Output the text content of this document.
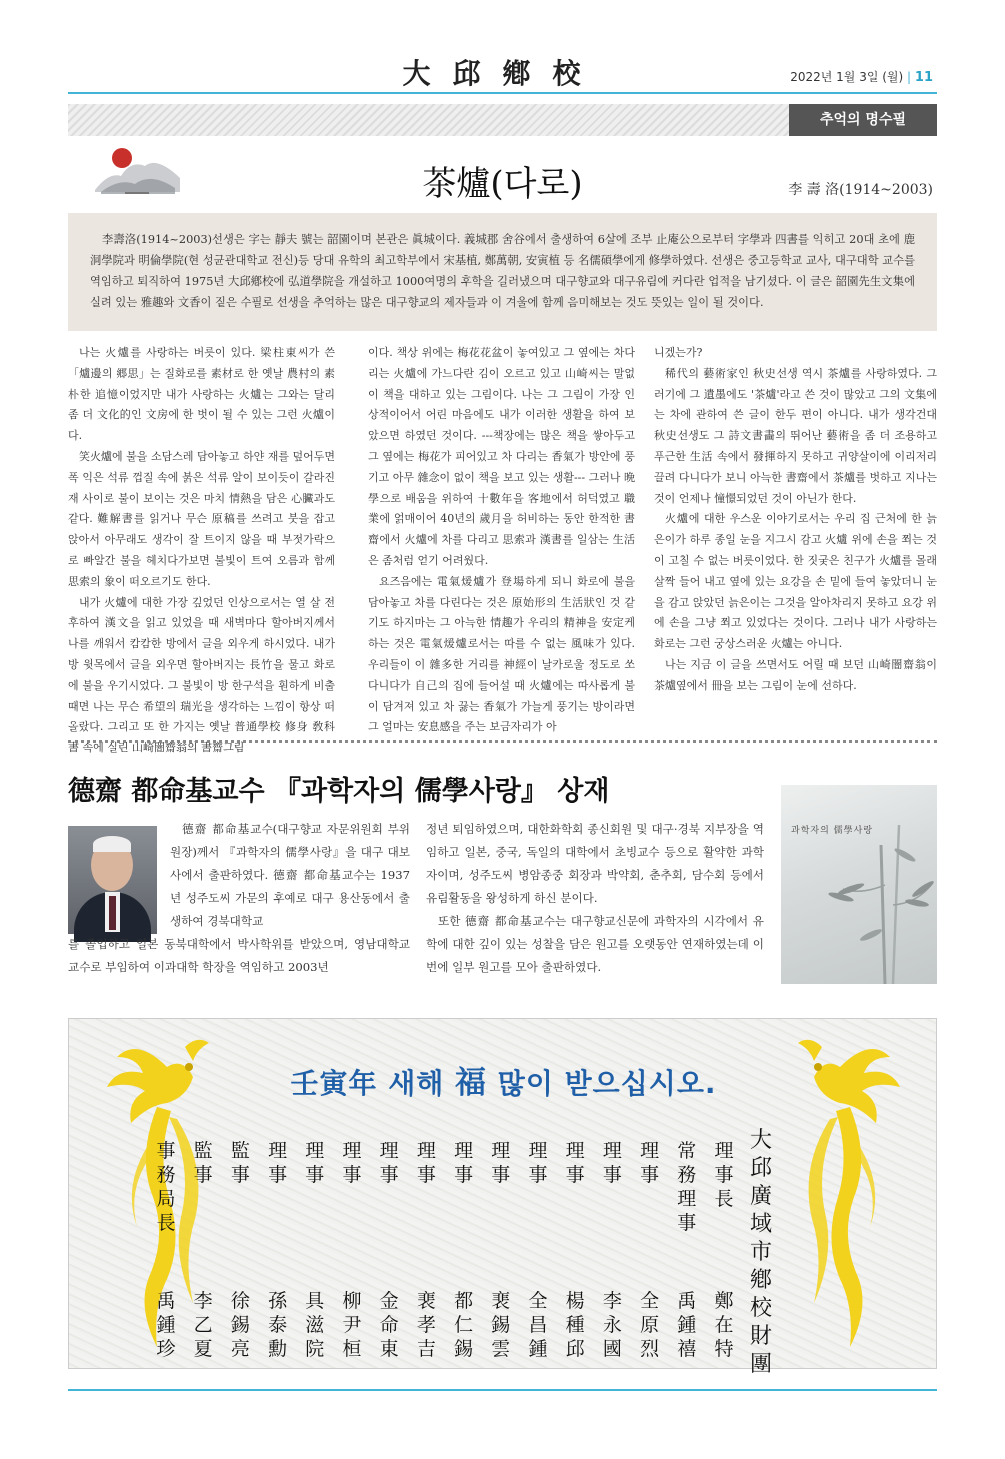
大邱鄕校	2022년 1월 3일 (월) | 11
추억의 명수필
茶爐(다로)	李 壽 洛(1914~2003)

李壽洛(1914~2003)선생은 字는 靜夫 號는 韶園이며 본관은 眞城이다. 義城郡 舍谷에서 출생하여 6살에 조부 止庵公으로부터 字學과 四書를 익히고 20대 초에 鹿洞學院과 明倫學院(현 성균관대학교 전신)등 당대 유학의 최고학부에서 宋基植, 鄭萬朝, 安寅植 등 名儒碩學에게 修學하였다. 선생은 중고등학교 교사, 대구대학 교수를 역임하고 퇴직하여 1975년 大邱鄕校에 弘道學院을 개설하고 1000여명의 후학을 길러냈으며 대구향교와 대구유림에 커다란 업적을 남기셨다. 이 글은 韶園先生文集에 실려 있는 雅趣와 文香이 짙은 수필로 선생을 추억하는 많은 대구향교의 제자들과 이 겨울에 함께 음미해보는 것도 뜻있는 일이 될 것이다.

나는 火爐를 사랑하는 버릇이 있다. 梁柱東씨가 쓴 「爐邊의 郷思」는 질화로를 素材로 한 옛날 農村의 素朴한 追憶이었지만 내가 사랑하는 火爐는 그와는 달리 좀 더 文化的인 文房에 한 벗이 될 수 있는 그런 火爐이다.

笑火爐에 불을 소담스레 담아놓고 하얀 재를 덮어두면 폭 익은 석류 껍질 속에 붉은 석류 알이 보이듯이 갈라진 재 사이로 불이 보이는 것은 마치 情熱을 담은 心臟과도 같다. 難解書를 읽거나 무슨 原稿를 쓰려고 붓을 잡고 앉아서 아무래도 생각이 잘 트이지 않을 때 부젓가락으로 빠알간 불을 헤치다가보면 불빛이 트여 오름과 함께 思索의 象이 떠오르기도 한다.

내가 火爐에 대한 가장 깊었던 인상으로서는 열 살 전후하여 漢文을 읽고 있었을 때 새벽마다 할아버지께서 나를 깨워서 캄캄한 방에서 글을 외우게 하시었다. 내가 방 윗목에서 글을 외우면 할아버지는 長竹을 물고 화로에 불을 우기시었다. 그 불빛이 방 한구석을 훤하게 비출 때면 나는 무슨 希望의 瑞光을 생각하는 느낌이 항상 떠올랐다. 그리고 또 한 가지는 옛날 普通學校 修身 敎科書 속에 실린 山崎闇齋翁의 書齋그림

이다. 책상 위에는 梅花花盆이 놓여있고 그 옆에는 차다리는 火爐에 가느다란 김이 오르고 있고 山崎씨는 말없이 책을 대하고 있는 그림이다. 나는 그 그림이 가장 인상적이어서 어린 마음에도 내가 이러한 생활을 하여 보았으면 하였던 것이다. ---책장에는 많은 책을 쌓아두고 그 옆에는 梅花가 피어있고 차 다리는 香氣가 방안에 풍기고 아무 雜念이 없이 책을 보고 있는 생활--- 그러나 晩學으로 배움을 위하여 十數年을 客地에서 허덕였고 職業에 얽매이어 40년의 歲月을 허비하는 동안 한적한 書齋에서 火爐에 차를 다리고 思索과 漢書를 일삼는 生活은 좀처럼 얻기 어려웠다.

요즈음에는 電氣煖爐가 登場하게 되니 화로에 불을 담아놓고 차를 다린다는 것은 原始形의 生活狀인 것 같기도 하지마는 그 아늑한 情趣가 우리의 精神을 安定케하는 것은 電氣煖爐로서는 따를 수 없는 風味가 있다. 우리들이 이 雜多한 거리를 神經이 날카로울 정도로 쏘다니다가 自己의 집에 들어설 때 火爐에는 따사롭게 불이 담겨져 있고 차 끓는 香氣가 가늘게 풍기는 방이라면 그 얼마는 安息感을 주는 보금자리가 아

니겠는가?

稀代의 藝術家인 秋史선생 역시 茶爐를 사랑하였다. 그러기에 그 遺墨에도 '茶爐'라고 쓴 것이 많았고 그의 文集에는 차에 관하여 쓴 글이 한두 편이 아니다. 내가 생각건대 秋史선생도 그 詩文書畵의 뛰어난 藝術을 좀 더 조용하고 푸근한 生活 속에서 發揮하지 못하고 귀양살이에 이리저리 끌려 다니다가 보니 아늑한 書齋에서 茶爐를 벗하고 지나는 것이 언제나 憧憬되었던 것이 아닌가 한다.

火爐에 대한 우스운 이야기로서는 우리 집 근처에 한 늙은이가 하루 종일 눈을 지그시 감고 火爐 위에 손을 쬐는 것이 고칠 수 없는 버릇이었다. 한 짓궂은 친구가 火爐를 몰래 살짝 들어 내고 옆에 있는 요강을 손 밑에 들여 놓았더니 눈을 감고 앉았던 늙은이는 그것을 알아차리지 못하고 요강 위에 손을 그냥 쬐고 있었다는 것이다. 그러나 내가 사랑하는 화로는 그런 궁상스러운 火爐는 아니다.

나는 지금 이 글을 쓰면서도 어릴 때 보던 山崎闇齋翁이 茶爐옆에서 冊을 보는 그림이 눈에 선하다.

德齋 都命基교수 『과학자의 儒學사랑』 상재

德齋 都命基교수(대구향교 자문위원회 부위원장)께서 『과학자의 儒學사랑』을 대구 대보사에서 출판하였다. 德齋 都命基교수는 1937년 성주도씨 가문의 후예로 대구 용산동에서 출생하여 경북대학교

를 졸업하고 일본 동북대학에서 박사학위를 받았으며, 영남대학교 교수로 부임하여 이과대학 학장을 역임하고 2003년

정년 퇴임하였으며, 대한화학회 종신회원 및 대구·경북 지부장을 역임하고 일본, 중국, 독일의 대학에서 초빙교수 등으로 활약한 과학자이며, 성주도씨 병암종중 회장과 박약회, 춘추회, 담수회 등에서 유림활동을 왕성하게 하신 분이다.

또한 德齋 都命基교수는 대구향교신문에 과학자의 시각에서 유학에 대한 깊이 있는 성찰을 담은 원고를 오랫동안 연재하였는데 이번에 일부 원고를 모아 출판하였다.

과학자의 儒學사랑
壬寅年 새해 福 많이 받으십시오.
大邱廣域市鄕校財團
理事長
鄭在特
常務理事
禹鍾禧
理事
全原烈
理事
李永國
理事
楊種邱
理事
全昌鍾
理事
裵錫雲
理事
都仁錫
理事
裵孝吉
理事
金命東
理事
柳尹桓
理事
具滋院
理事
孫泰勳
監事
徐錫亮
監事
李乙夏
事務局長
禹鍾珍
